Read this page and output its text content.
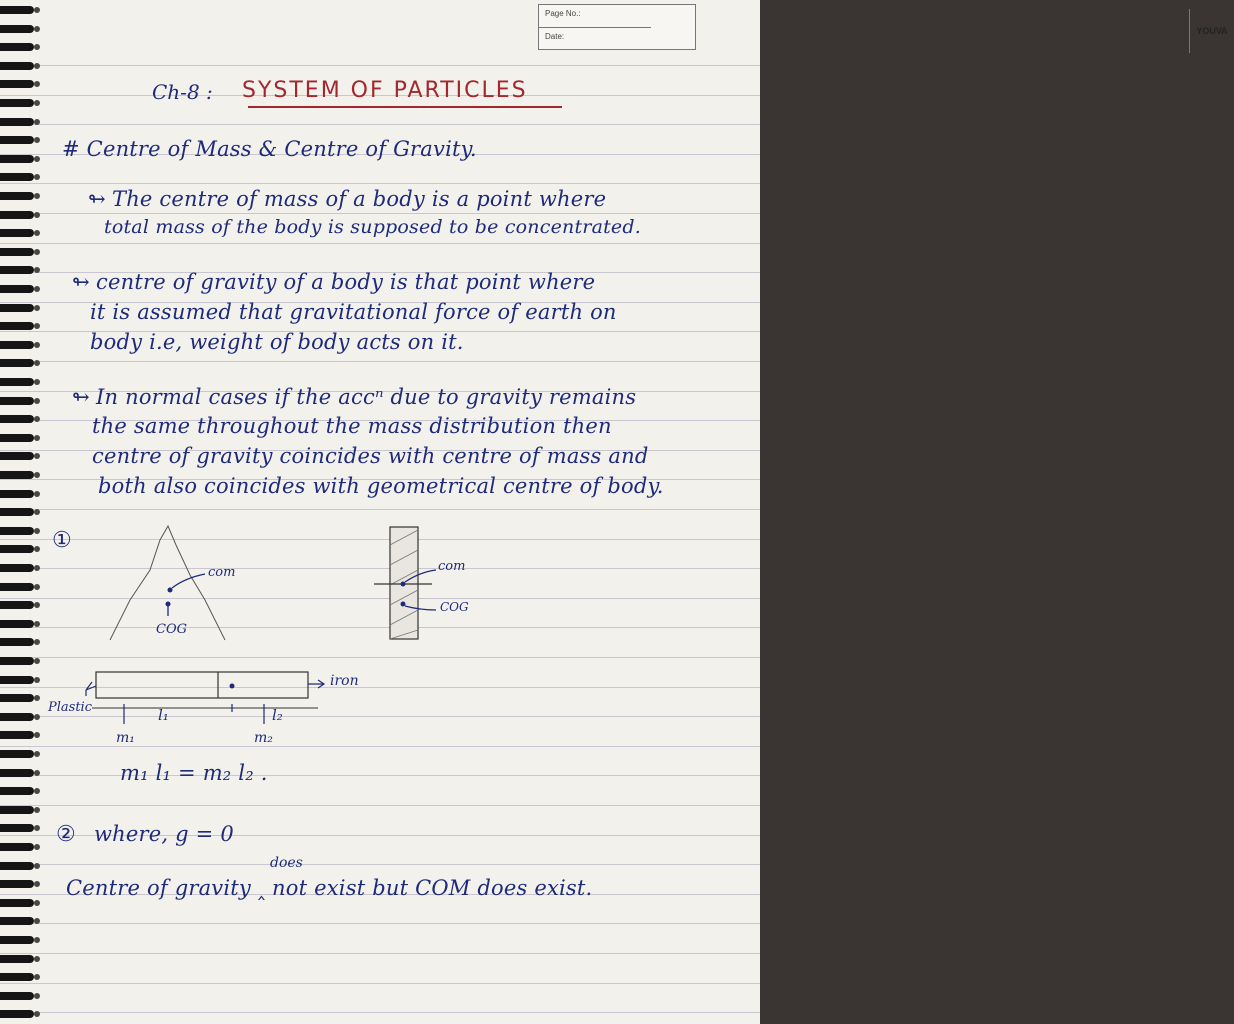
Page No.:
Date:
YOUVA
Ch-8 : SYSTEM OF PARTICLES
# Centre of Mass & Centre of Gravity.
↬ The centre of mass of a body is a point where
total mass of the body is supposed to be concentrated.
↬ centre of gravity of a body is that point where
it is assumed that gravitational force of earth on
body i.e, weight of body acts on it.
↬ In normal cases if the accⁿ due to gravity remains
the same throughout the mass distribution then
centre of gravity coincides with centre of mass and
both also coincides with geometrical centre of body.
①
com
COG
com
COG
Plastic
iron
l₁	l₂
m₁	m₂
m₁ l₁ = m₂ l₂ .
② where, g = 0
does
Centre of gravity ‸ not exist but COM does exist.
